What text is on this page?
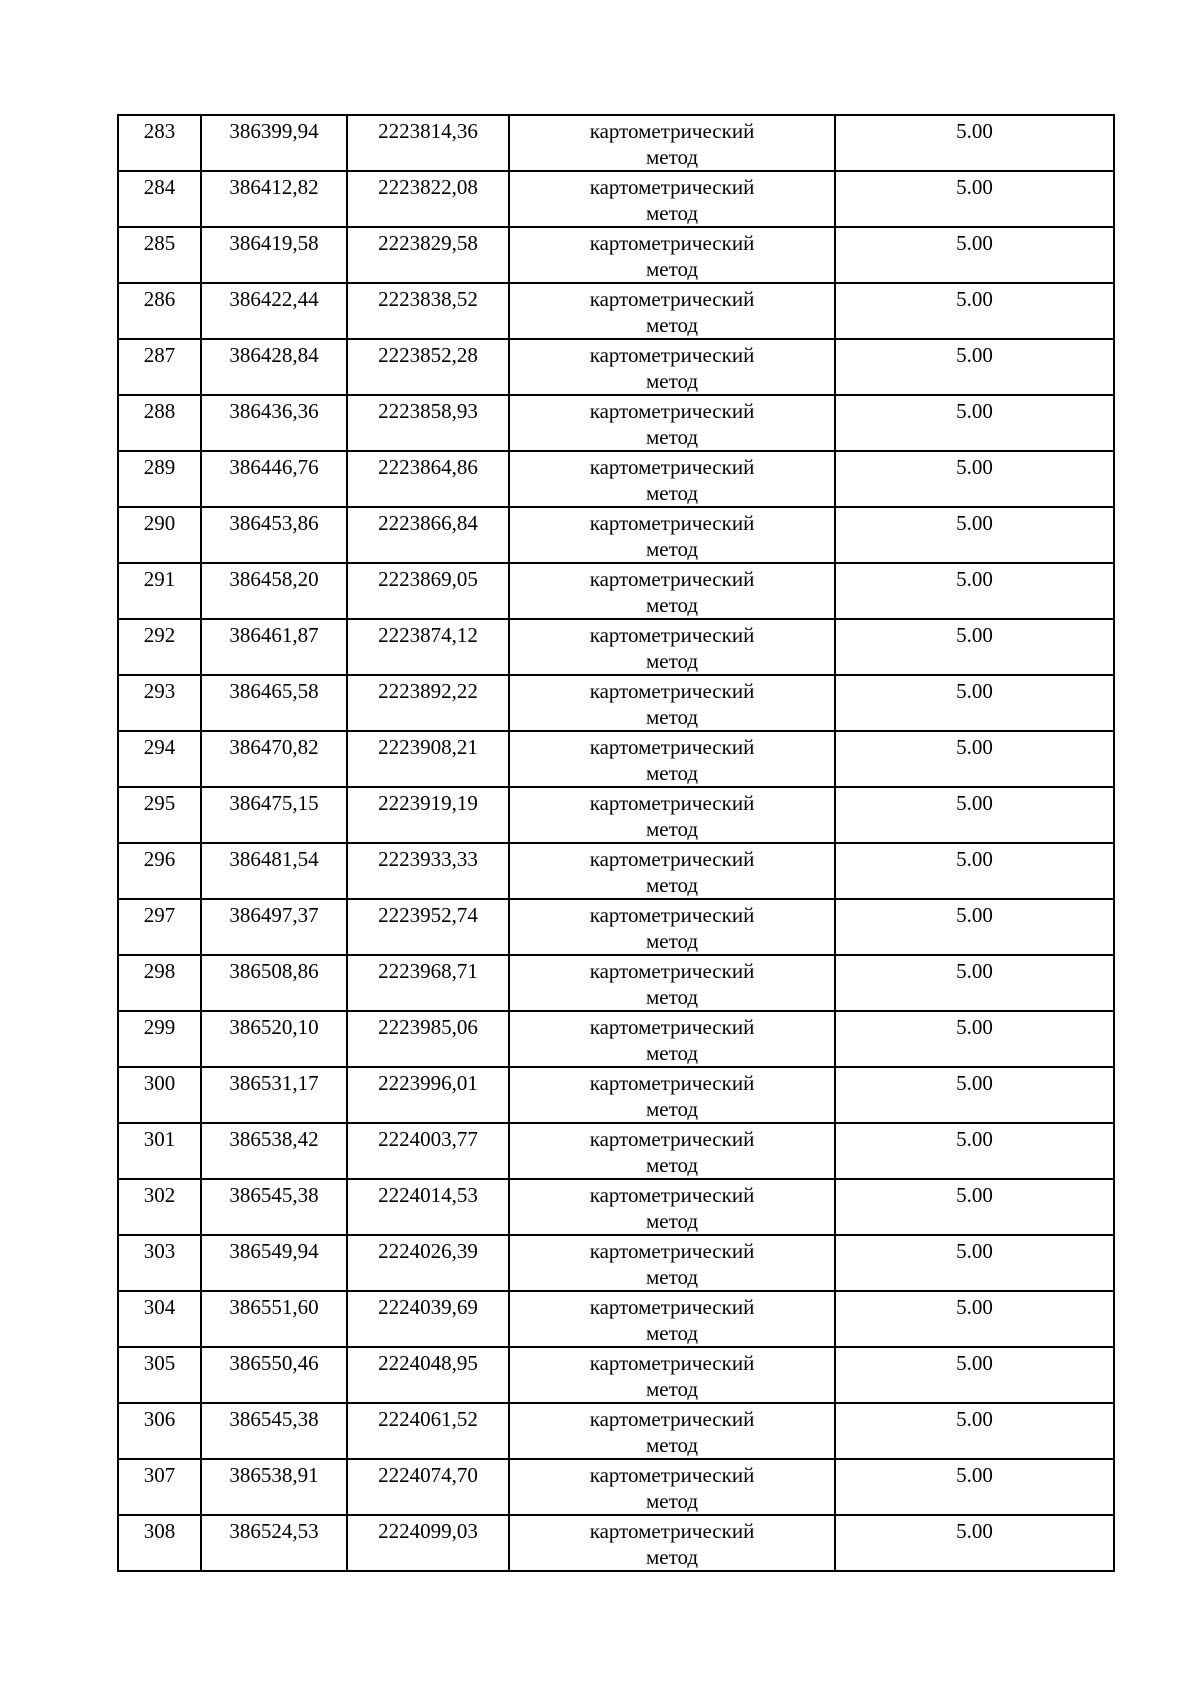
283	386399,94	2223814,36	картометрический
метод	5.00
284	386412,82	2223822,08	картометрический
метод	5.00
285	386419,58	2223829,58	картометрический
метод	5.00
286	386422,44	2223838,52	картометрический
метод	5.00
287	386428,84	2223852,28	картометрический
метод	5.00
288	386436,36	2223858,93	картометрический
метод	5.00
289	386446,76	2223864,86	картометрический
метод	5.00
290	386453,86	2223866,84	картометрический
метод	5.00
291	386458,20	2223869,05	картометрический
метод	5.00
292	386461,87	2223874,12	картометрический
метод	5.00
293	386465,58	2223892,22	картометрический
метод	5.00
294	386470,82	2223908,21	картометрический
метод	5.00
295	386475,15	2223919,19	картометрический
метод	5.00
296	386481,54	2223933,33	картометрический
метод	5.00
297	386497,37	2223952,74	картометрический
метод	5.00
298	386508,86	2223968,71	картометрический
метод	5.00
299	386520,10	2223985,06	картометрический
метод	5.00
300	386531,17	2223996,01	картометрический
метод	5.00
301	386538,42	2224003,77	картометрический
метод	5.00
302	386545,38	2224014,53	картометрический
метод	5.00
303	386549,94	2224026,39	картометрический
метод	5.00
304	386551,60	2224039,69	картометрический
метод	5.00
305	386550,46	2224048,95	картометрический
метод	5.00
306	386545,38	2224061,52	картометрический
метод	5.00
307	386538,91	2224074,70	картометрический
метод	5.00
308	386524,53	2224099,03	картометрический
метод	5.00
